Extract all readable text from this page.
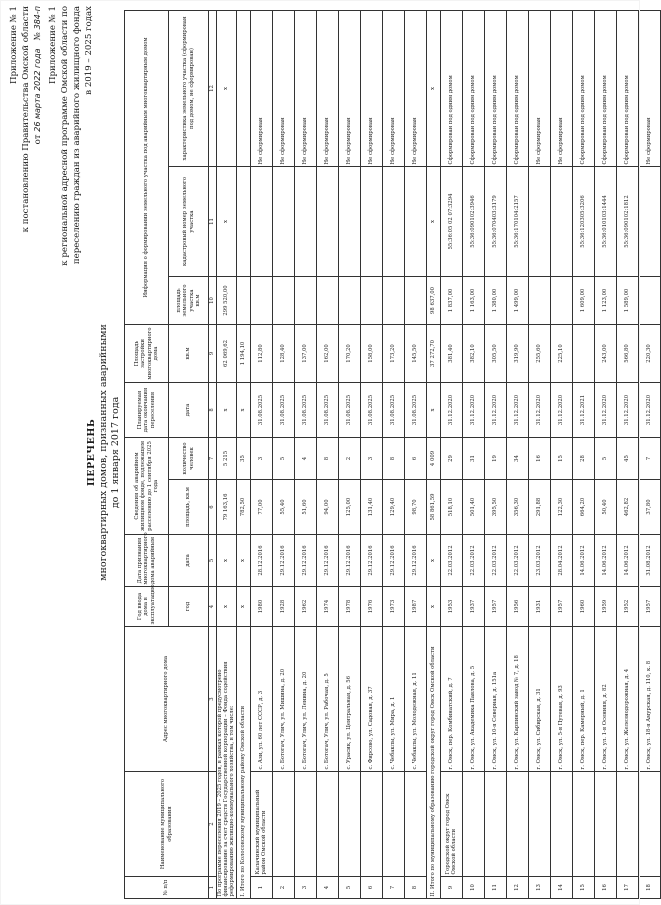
Приложение № 1 к постановлению Правительства Омской области от 26 марта 2022 года   № 384-п Приложение № 1 к региональной адресной программе Омской области по переселению граждан из аварийного жилищного фонда в 2019 – 2025 годах
ПЕРЕЧЕНЬ многоквартирных домов, признанных аварийными до 1 января 2017 года
№ п/п	Наименование муниципального образования	Адрес многоквартирного дома	Год ввода дома в эксплуатацию	Дата признания многоквартирного дома аварийным	Сведения об аварийном жилищном фонде, подлежащем расселению до 1 сентября 2025 года		Планируемая дата окончания переселения	Площадь застройки многоквартирного дома	Информация о формировании земельного участка под аварийным многоквартирным домом		
			год	дата	площадь, кв.м	количество человек	дата	кв.м	площадь земельного участка кв.м	кадастровый номер земельного участка	характеристика земельного участка (сформирован под домом, не сформирован)
1	2	3	4	5	6	7	8	9	10	11	12
По программе переселения 2019 – 2025 годов, в рамках которой предусмотрено финансирование за счет средств Государственной корпорации – Фонда содействия реформированию жилищно-коммунального хозяйства, в том числе:			x	x	79 163,16	5 215	x	62 069,62	299 520,00	x	x
I. Итого по Колосовскому муниципальному району Омской области			x	x	782,50	35	x	1 194,10			
1	Калачинский муниципальный район Омской области	с. Ази, ул. 60 лет СССР, д. 3	1980	28.12.2016	77,00	3	31.08.2025	112,80			Не сформирован
2		с. Ботогач, Улич, ул. Мишина, д. 20	1928	29.12.2016	55,40	5	31.08.2025	128,40			Не сформирован
3		с. Ботогач, Улич, ул. Ленина, д. 20	1962	29.12.2016	51,60	4	31.08.2025	137,00			Не сформирован
4		с. Ботогач, Улич, ул. Рабочая, д. 5	1974	29.12.2016	94,00	8	31.08.2025	162,00			Не сформирован
5		с. Урасик, ул. Центральная, д. 56	1978	29.12.2016	125,00	2	31.08.2025	170,20			Не сформирован
6		с. Фирсово, ул. Садовая, д. 37	1976	29.12.2016	131,40	3	31.08.2025	158,00			Не сформирован
7		с. Чебаклы, ул. Мира, д. 1	1973	29.12.2016	129,40	8	31.08.2025	173,20			Не сформирован
8		с. Чебаклы, ул. Молодежная, д. 11	1987	29.12.2016	98,70	6	31.08.2025	145,50			Не сформирован
II. Итого по муниципальному образованию городской округ город Омск Омской области			x	x	58 861,59	4 009	x	37 272,70	98 637,00	x	x
9	Городской округ город Омск Омской области	г. Омск, пер. Комбинатский, д. 7	1953	22.03.2012	518,10	29	31.12.2020	381,40	1 837,00	55:36:05 02 07:3294	Сформирован под одним домом
10		г. Омск, ул. Академика Павлова, д. 5	1937	22.03.2012	501,40	31	31.12.2020	382,10	1 163,00	55:36:090102:3946	Сформирован под одним домом
11		г. Омск, ул. 10-я Северная, д. 151а	1957	22.03.2012	395,50	19	31.12.2020	305,50	1 380,00	55:36:070403:3179	Сформирован под одним домом
12		г. Омск, ул. Карпинский завод № 7, д. 18	1956	22.03.2012	356,30	34	31.12.2020	319,90	1 499,00	55:36:170104:2157	Сформирован под одним домом
13		г. Омск, ул. Сибирская, д. 31	1931	23.03.2012	291,88	16	31.12.2020	255,60			Не сформирован
14		г. Омск, ул. 5-я Путевая, д. 93	1957	28.04.2012	122,30	15	31.12.2020	225,10			Не сформирован
15		г. Омск, пер. Камерный, д. 1	1960	14.06.2012	664,20	28	31.12.2021		1 609,00	55:36:120305:3206	Сформирован под одним домом
16		г. Омск, ул. 1-я Осенняя, д. 82	1959	14.06.2012	50,40	5	31.12.2020	243,00	1 123,00	55:36:010103:1444	Сформирован под одним домом
17		г. Омск, ул. Железнодорожная, д. 4	1952	14.06.2012	462,82	45	31.12.2020	566,80	1 589,00	55:36:090102:1812	Сформирован под одним домом
18		г. Омск, ул. 18-я Амурская, д. 110, к. 8	1957	31.08.2012	37,80	7	31.12.2020	220,30			Не сформирован
